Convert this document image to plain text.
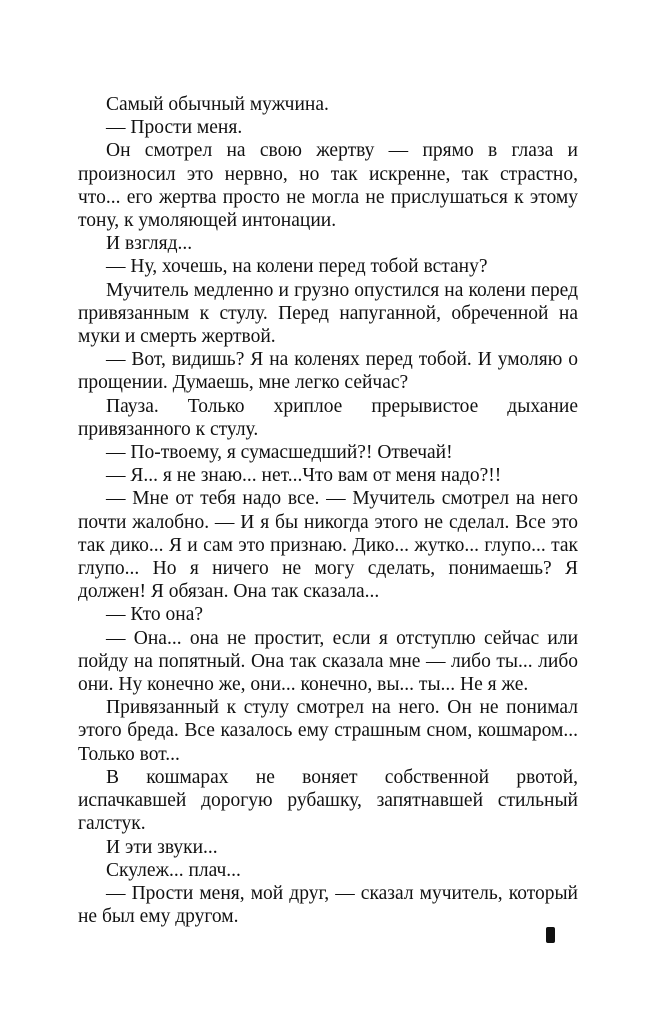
Самый обычный мужчина.

— Прости меня.

Он смотрел на свою жертву — прямо в глаза и произносил это нервно, но так искренне, так страстно, что... его жертва просто не могла не прислушаться к этому тону, к умоляющей интонации.

И взгляд...

— Ну, хочешь, на колени перед тобой встану?

Мучитель медленно и грузно опустился на колени перед привязанным к стулу. Перед напуганной, обреченной на муки и смерть жертвой.

— Вот, видишь? Я на коленях перед тобой. И умоляю о прощении. Думаешь, мне легко сейчас?

Пауза. Только хриплое прерывистое дыхание привязанного к стулу.

— По-твоему, я сумасшедший?! Отвечай!

— Я... я не знаю... нет...Что вам от меня надо?!!

— Мне от тебя надо все. — Мучитель смотрел на него почти жалобно. — И я бы никогда этого не сделал. Все это так дико... Я и сам это признаю. Дико... жутко... глупо... так глупо... Но я ничего не могу сделать, понимаешь? Я должен! Я обязан. Она так сказала...

— Кто она?

— Она... она не простит, если я отступлю сейчас или пойду на попятный. Она так сказала мне — либо ты... либо они. Ну конечно же, они... конечно, вы... ты... Не я же.

Привязанный к стулу смотрел на него. Он не понимал этого бреда. Все казалось ему страшным сном, кошмаром... Только вот...

В кошмарах не воняет собственной рвотой, испачкавшей дорогую рубашку, запятнавшей стильный галстук.

И эти звуки...

Скулеж... плач...

— Прости меня, мой друг, — сказал мучитель, который не был ему другом.
